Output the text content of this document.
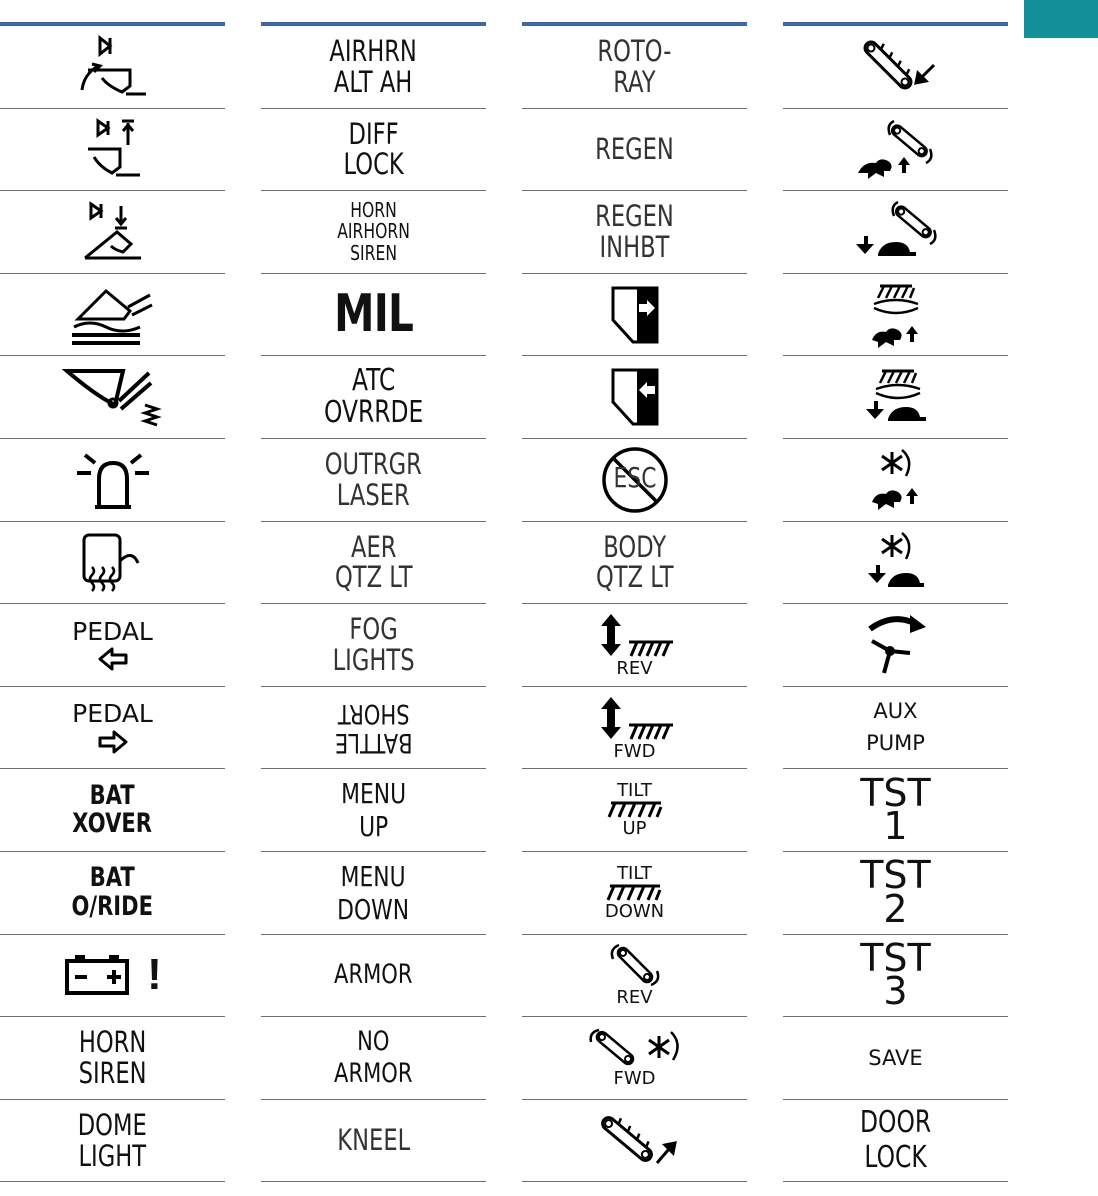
PEDAL
PEDAL
BAT
XOVER
BAT
O/RIDE
!
HORN
SIREN
DOME
LIGHT
AIRHRN
ALT AH
DIFF
LOCK
HORN
AIRHORN
SIREN
MIL
ATC
OVRRDE
OUTRGR
LASER
AER
QTZ LT
FOG
LIGHTS
BATTLE
SHORT
MENU
UP
MENU
DOWN
ARMOR
NO
ARMOR
KNEEL
ROTO-
RAY
REGEN
REGEN
INHBT
ESC
BODY
QTZ LT
REV
FWD
TILT
UP
TILT
DOWN
REV
FWD
AUX
PUMP
TST
1
TST
2
TST
3
SAVE
DOOR
LOCK
